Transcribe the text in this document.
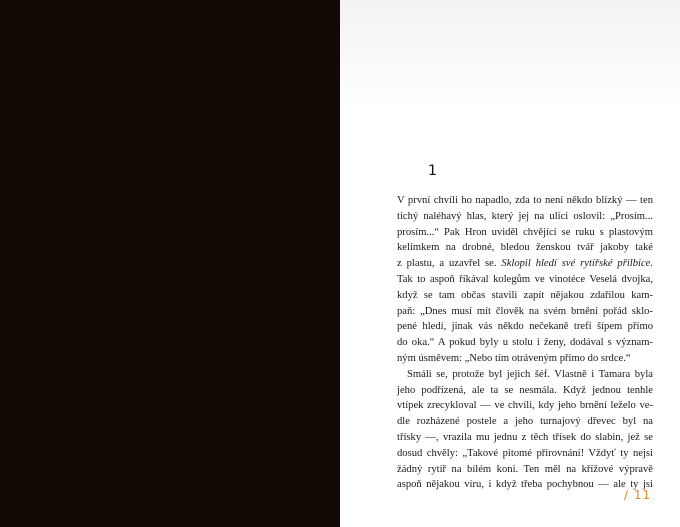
1
V první chvíli ho napadlo, zda to není někdo blízký — ten
tichý naléhavý hlas, který jej na ulici oslovil: „Prosím...
prosím...“ Pak Hron uviděl chvějící se ruku s plastovým
kelímkem na drobné, bledou ženskou tvář jakoby také
z plastu, a uzavřel se. Sklopil hledí své rytířské přilbice.
Tak to aspoň říkával kolegům ve vinotéce Veselá dvojka,
když se tam občas stavili zapít nějakou zdařilou kam-
paň: „Dnes musí mít člověk na svém brnění pořád sklo-
pené hledí, jinak vás někdo nečekaně trefí šípem přímo
do oka.“ A pokud byly u stolu i ženy, dodával s význam-
ným úsměvem: „Nebo tím otráveným přímo do srdce.“
Smáli se, protože byl jejich šéf. Vlastně i Tamara byla
jeho podřízená, ale ta se nesmála. Když jednou tenhle
vtípek zrecykloval — ve chvíli, kdy jeho brnění leželo ve-
dle rozházené postele a jeho turnajový dřevec byl na
třísky —, vrazila mu jednu z těch třísek do slabin, jež se
dosud chvěly: „Takové pitomé přirovnání! Vždyť ty nejsi
žádný rytíř na bílém koni. Ten měl na křížové výpravě
aspoň nějakou víru, i když třeba pochybnou — ale ty jsi
/ 11
